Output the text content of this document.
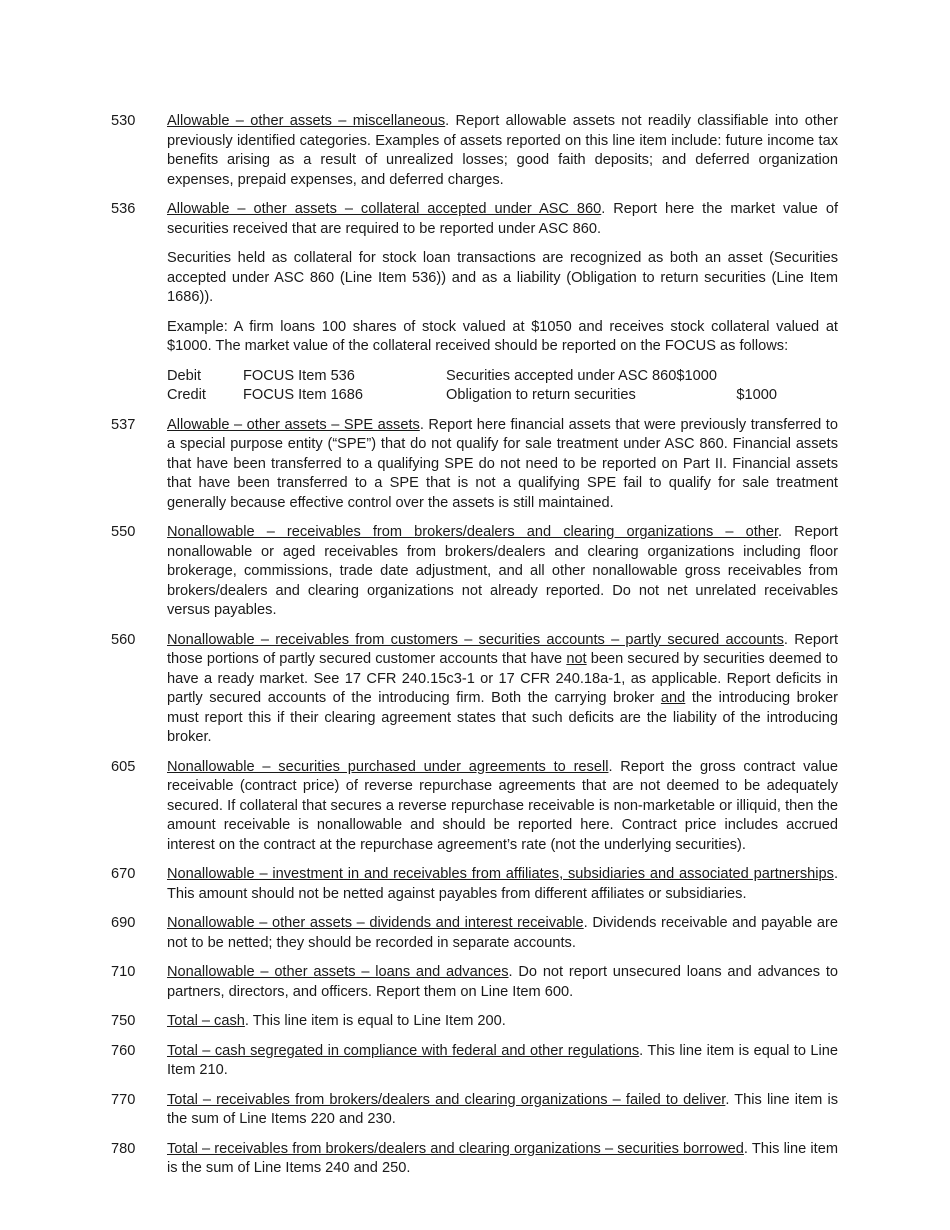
530	Allowable – other assets – miscellaneous. Report allowable assets not readily classifiable into other previously identified categories. Examples of assets reported on this line item include: future income tax benefits arising as a result of unrealized losses; good faith deposits; and deferred organization expenses, prepaid expenses, and deferred charges.

536	Allowable – other assets – collateral accepted under ASC 860. Report here the market value of securities received that are required to be reported under ASC 860.

Securities held as collateral for stock loan transactions are recognized as both an asset (Securities accepted under ASC 860 (Line Item 536)) and as a liability (Obligation to return securities (Line Item 1686)).

Example: A firm loans 100 shares of stock valued at $1050 and receives stock collateral valued at $1000. The market value of the collateral received should be reported on the FOCUS as follows:

Debit	FOCUS Item 536	Securities accepted under ASC 860	$1000	
Credit	FOCUS Item 1686	Obligation to return securities		$1000
537	Allowable – other assets – SPE assets. Report here financial assets that were previously transferred to a special purpose entity (“SPE”) that do not qualify for sale treatment under ASC 860. Financial assets that have been transferred to a qualifying SPE do not need to be reported on Part II. Financial assets that have been transferred to a SPE that is not a qualifying SPE fail to qualify for sale treatment generally because effective control over the assets is still maintained.

550	Nonallowable – receivables from brokers/dealers and clearing organizations – other. Report nonallowable or aged receivables from brokers/dealers and clearing organizations including floor brokerage, commissions, trade date adjustment, and all other nonallowable gross receivables from brokers/dealers and clearing organizations not already reported. Do not net unrelated receivables versus payables.

560	Nonallowable – receivables from customers – securities accounts – partly secured accounts. Report those portions of partly secured customer accounts that have not been secured by securities deemed to have a ready market. See 17 CFR 240.15c3-1 or 17 CFR 240.18a-1, as applicable. Report deficits in partly secured accounts of the introducing firm. Both the carrying broker and the introducing broker must report this if their clearing agreement states that such deficits are the liability of the introducing broker.

605	Nonallowable – securities purchased under agreements to resell. Report the gross contract value receivable (contract price) of reverse repurchase agreements that are not deemed to be adequately secured. If collateral that secures a reverse repurchase receivable is non-marketable or illiquid, then the amount receivable is nonallowable and should be reported here. Contract price includes accrued interest on the contract at the repurchase agreement’s rate (not the underlying securities).

670	Nonallowable – investment in and receivables from affiliates, subsidiaries and associated partnerships. This amount should not be netted against payables from different affiliates or subsidiaries.

690	Nonallowable – other assets – dividends and interest receivable. Dividends receivable and payable are not to be netted; they should be recorded in separate accounts.

710	Nonallowable – other assets – loans and advances. Do not report unsecured loans and advances to partners, directors, and officers. Report them on Line Item 600.

750	Total – cash. This line item is equal to Line Item 200.

760	Total – cash segregated in compliance with federal and other regulations. This line item is equal to Line Item 210.

770	Total – receivables from brokers/dealers and clearing organizations – failed to deliver. This line item is the sum of Line Items 220 and 230.

780	Total – receivables from brokers/dealers and clearing organizations – securities borrowed. This line item is the sum of Line Items 240 and 250.
